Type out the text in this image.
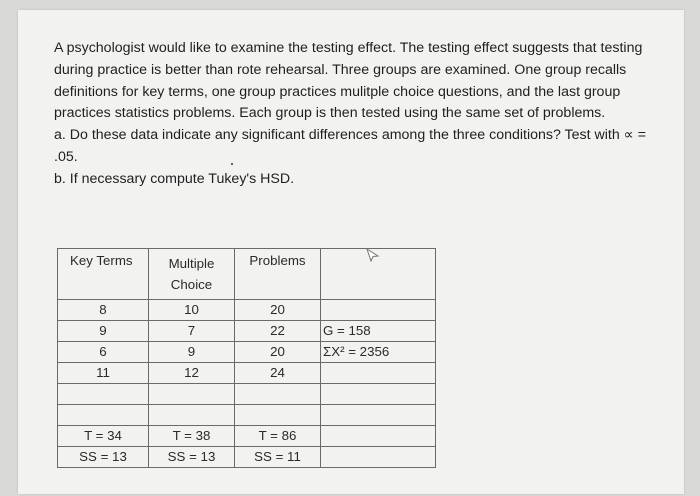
A psychologist would like to examine the testing effect. The testing effect suggests that testing during practice is better than rote rehearsal. Three groups are examined. One group recalls definitions for key terms, one group practices mulitple choice questions, and the last group practices statistics problems. Each group is then tested using the same set of problems.

a. Do these data indicate any significant differences among the three conditions? Test with ∝ = .05.

b. If necessary compute Tukey's HSD.

Key Terms	Multiple Choice	Problems	
8	10	20	
9	7	22	G = 158
6	9	20	ΣX² = 2356
11	12	24	

T = 34	T = 38	T = 86	
SS = 13	SS = 13	SS = 11	
